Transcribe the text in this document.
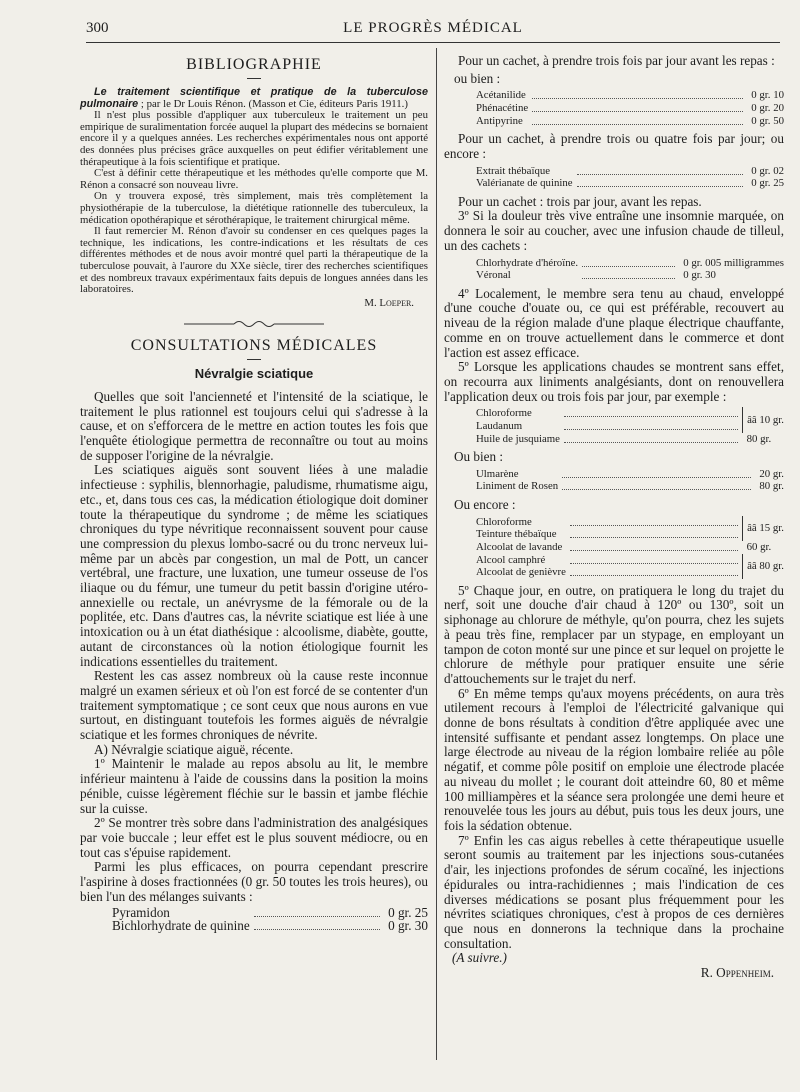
300	LE PROGRÈS MÉDICAL
BIBLIOGRAPHIE

Le traitement scientifique et pratique de la tuberculose pulmonaire ; par le Dr Louis Rénon. (Masson et Cie, éditeurs Paris 1911.)

Il n'est plus possible d'appliquer aux tuberculeux le traitement un peu empirique de suralimentation forcée auquel la plupart des médecins se bornaient encore il y a quelques années. Les recherches expérimentales nous ont apporté des données plus précises grâce auxquelles on peut édifier véritablement une thérapeutique à la fois scientifique et pratique.

C'est à définir cette thérapeutique et les méthodes qu'elle comporte que M. Rénon a consacré son nouveau livre.

On y trouvera exposé, très simplement, mais très complètement la physiothérapie de la tuberculose, la diététique rationnelle des tuberculeux, la médication opothérapique et sérothérapique, le traitement chirurgical même.

Il faut remercier M. Rénon d'avoir su condenser en ces quelques pages la technique, les indications, les contre-indications et les résultats de ces différentes méthodes et de nous avoir montré quel parti la thérapeutique de la tuberculose pouvait, à l'aurore du XXe siècle, tirer des recherches scientifiques et des nombreux travaux expérimentaux faits depuis de longues années dans les laboratoires.

M. Loeper.
CONSULTATIONS MÉDICALES
Névralgie sciatique

Quelles que soit l'ancienneté et l'intensité de la sciatique, le traitement le plus rationnel est toujours celui qui s'adresse à la cause, et on s'efforcera de le mettre en action toutes les fois que l'enquête étiologique permettra de reconnaître ou tout au moins de supposer l'origine de la névralgie.

Les sciatiques aiguës sont souvent liées à une maladie infectieuse : syphilis, blennorhagie, paludisme, rhumatisme aigu, etc., et, dans tous ces cas, la médication étiologique doit dominer toute la thérapeutique du syndrome ; de même les sciatiques chroniques du type névritique reconnaissent souvent pour cause une compression du plexus lombo-sacré ou du tronc nerveux lui-même par un abcès par congestion, un mal de Pott, un cancer vertébral, une fracture, une luxation, une tumeur osseuse de l'os iliaque ou du fémur, une tumeur du petit bassin d'origine utéro-annexielle ou rectale, un anévrysme de la fémorale ou de la poplitée, etc. Dans d'autres cas, la névrite sciatique est liée à une intoxication ou à un état diathésique : alcoolisme, diabète, goutte, autant de circonstances où la notion étiologique fournit les indications essentielles du traitement.

Restent les cas assez nombreux où la cause reste inconnue malgré un examen sérieux et où l'on est forcé de se contenter d'un traitement symptomatique ; ce sont ceux que nous aurons en vue surtout, en distinguant toutefois les formes aiguës de névralgie sciatique et les formes chroniques de névrite.

A) Névralgie sciatique aiguë, récente.

1º Maintenir le malade au repos absolu au lit, le membre inférieur maintenu à l'aide de coussins dans la position la moins pénible, cuisse légèrement fléchie sur le bassin et jambe fléchie sur la cuisse.

2º Se montrer très sobre dans l'administration des analgésiques par voie buccale ; leur effet est le plus souvent médiocre, ou en tout cas s'épuise rapidement.

Parmi les plus efficaces, on pourra cependant prescrire l'aspirine à doses fractionnées (0 gr. 50 toutes les trois heures), ou bien l'un des mélanges suivants :

Pyramidon		0 gr. 25
Bichlorhydrate de quinine		0 gr. 30

Pour un cachet, à prendre trois fois par jour avant les repas :

ou bien :
Acétanilide		0 gr. 10
Phénacétine		0 gr. 20
Antipyrine		0 gr. 50

Pour un cachet, à prendre trois ou quatre fois par jour; ou encore :

Extrait thébaïque		0 gr. 02
Valérianate de quinine		0 gr. 25

Pour un cachet : trois par jour, avant les repas.

3º Si la douleur très vive entraîne une insomnie marquée, on donnera le soir au coucher, avec une infusion chaude de tilleul, un des cachets :

Chlorhydrate d'héroïne.		0 gr. 005 milligrammes
Véronal		0 gr. 30

4º Localement, le membre sera tenu au chaud, enveloppé d'une couche d'ouate ou, ce qui est préférable, recouvert au niveau de la région malade d'une plaque électrique chauffante, comme en on trouve actuellement dans le commerce et dont l'action est assez efficace.

5º Lorsque les applications chaudes se montrent sans effet, on recourra aux liniments analgésiants, dont on renouvellera l'application deux ou trois fois par jour, par exemple :

Chloroforme			ââ 10 gr.
Laudanum		

Huile de jusquiame			80 gr.
Ou bien :
Ulmarène		20 gr.
Liniment de Rosen		80 gr.
Ou encore :
Chloroforme			ââ 15 gr.
Teinture thébaïque		

Alcoolat de lavande			60 gr.
Alcool camphré			ââ 80 gr.
Alcoolat de genièvre		

5º Chaque jour, en outre, on pratiquera le long du trajet du nerf, soit une douche d'air chaud à 120º ou 130º, soit un siphonage au chlorure de méthyle, qu'on pourra, chez les sujets à peau très fine, remplacer par un stypage, en employant un tampon de coton monté sur une pince et sur lequel on projette le chlorure de méthyle pour pratiquer ensuite une série d'attouchements sur le trajet du nerf.

6º En même temps qu'aux moyens précédents, on aura très utilement recours à l'emploi de l'électricité galvanique qui donne de bons résultats à condition d'être appliquée avec une intensité suffisante et pendant assez longtemps. On place une large électrode au niveau de la région lombaire reliée au pôle négatif, et comme pôle positif on emploie une électrode placée au niveau du mollet ; le courant doit atteindre 60, 80 et même 100 milliampères et la séance sera prolongée une demi heure et renouvelée tous les jours au début, puis tous les deux jours, une fois la sédation obtenue.

7º Enfin les cas aigus rebelles à cette thérapeutique usuelle seront soumis au traitement par les injections sous-cutanées d'air, les injections profondes de sérum cocaïné, les injections épidurales ou intra-rachidiennes ; mais l'indication de ces diverses médications se posant plus fréquemment pour les névrites sciatiques chroniques, c'est à propos de ces dernières que nous en donnerons la technique dans la prochaine consultation.

(A suivre.)

R. Oppenheim.
